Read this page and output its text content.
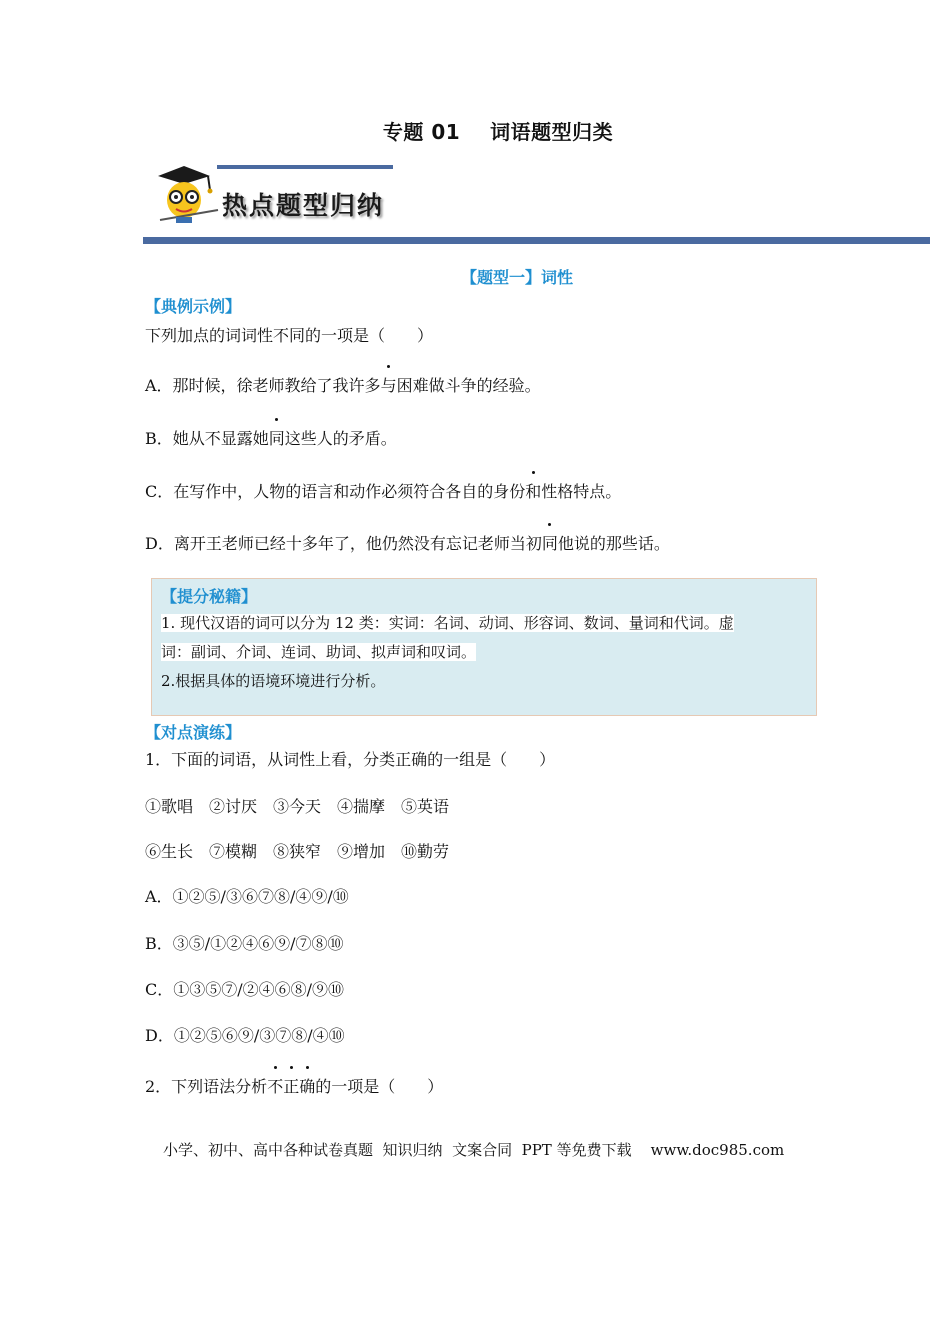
专题 01    词语题型归类
热点题型归纳
【题型一】词性
【典例示例】
下列加点的词词性不同的一项是（　　）
A．那时候，徐老师教给了我许多与困难做斗争的经验。
B．她从不显露她同这些人的矛盾。
C．在写作中，人物的语言和动作必须符合各自的身份和性格特点。
D．离开王老师已经十多年了，他仍然没有忘记老师当初同他说的那些话。
【提分秘籍】
1. 现代汉语的词可以分为 12 类：实词：名词、动词、形容词、数词、量词和代词。虚
词：副词、介词、连词、助词、拟声词和叹词。
2.根据具体的语境环境进行分析。
【对点演练】
1．下面的词语，从词性上看，分类正确的一组是（　　）
①歌唱　②讨厌　③今天　④揣摩　⑤英语
⑥生长　⑦模糊　⑧狭窄　⑨增加　⑩勤劳
A．①②⑤/③⑥⑦⑧/④⑨/⑩
B．③⑤/①②④⑥⑨/⑦⑧⑩
C．①③⑤⑦/②④⑥⑧/⑨⑩
D．①②⑤⑥⑨/③⑦⑧/④⑩
2．下列语法分析不正确的一项是（　　）
小学、初中、高中各种试卷真题  知识归纳  文案合同  PPT 等免费下载    www.doc985.com
